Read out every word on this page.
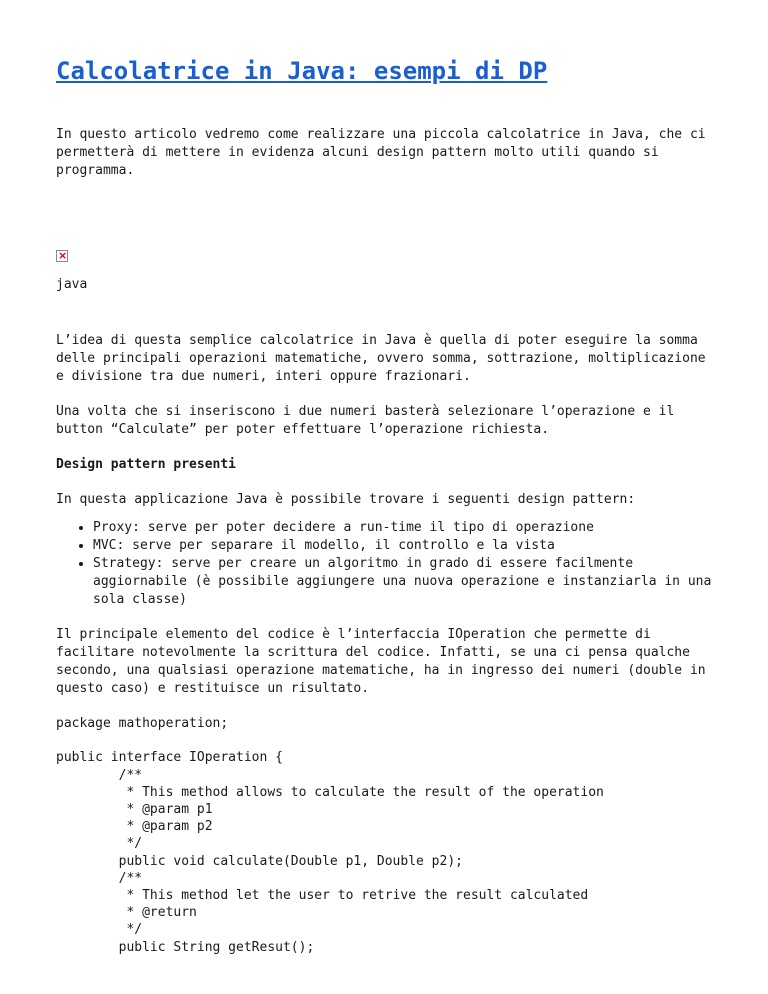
Calcolatrice in Java: esempi di DP

In questo articolo vedremo come realizzare una piccola calcolatrice in Java, che ci permetterà di mettere in evidenza alcuni design pattern molto utili quando si programma.

×

java

L’idea di questa semplice calcolatrice in Java è quella di poter eseguire la somma delle principali operazioni matematiche, ovvero somma, sottrazione, moltiplicazione e divisione tra due numeri, interi oppure frazionari.

Una volta che si inseriscono i due numeri basterà selezionare l’operazione e il button “Calculate” per poter effettuare l’operazione richiesta.

Design pattern presenti

In questa applicazione Java è possibile trovare i seguenti design pattern:

• Proxy: serve per poter decidere a run-time il tipo di operazione
• MVC: serve per separare il modello, il controllo e la vista
• Strategy: serve per creare un algoritmo in grado di essere facilmente aggiornabile (è possibile aggiungere una nuova operazione e instanziarla in una sola classe)

Il principale elemento del codice è l’interfaccia IOperation che permette di facilitare notevolmente la scrittura del codice. Infatti, se una ci pensa qualche secondo, una qualsiasi operazione matematiche, ha in ingresso dei numeri (double in questo caso) e restituisce un risultato.

package mathoperation;

public interface IOperation {
/**
* This method allows to calculate the result of the operation
* @param p1
* @param p2
*/
public void calculate(Double p1, Double p2);
/**
* This method let the user to retrive the result calculated
* @return
*/
public String getResut();
